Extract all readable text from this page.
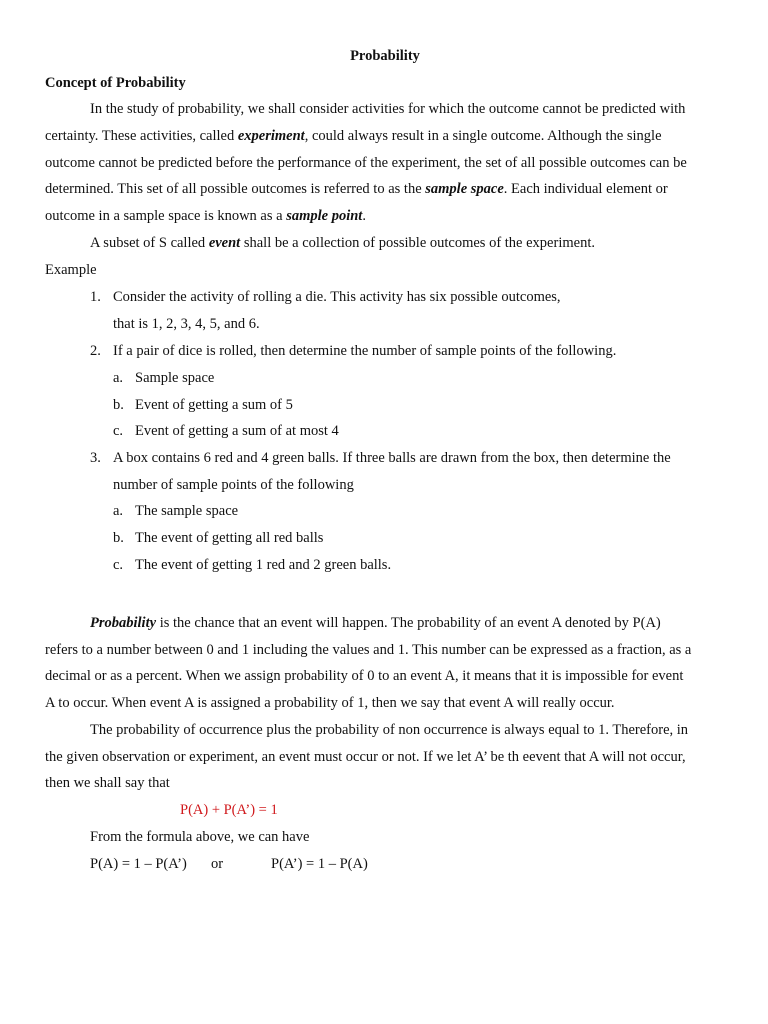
Probability
Concept of Probability
In the study of probability, we shall consider activities for which the outcome cannot be predicted with
certainty. These activities, called experiment, could always result in a single outcome. Although the single
outcome cannot be predicted before the performance of the experiment, the set of all possible outcomes can be
determined. This set of all possible outcomes is referred to as the sample space. Each individual element or
outcome in a sample space is known as a sample point.
A subset of S called event shall be a collection of possible outcomes of the experiment.
Example
1. Consider the activity of rolling a die. This activity has six possible outcomes,
that is 1, 2, 3, 4, 5, and 6.
2. If a pair of dice is rolled, then determine the number of sample points of the following.
a. Sample space
b. Event of getting a sum of 5
c. Event of getting a sum of at most 4
3. A box contains 6 red and 4 green balls. If three balls are drawn from the box, then determine the
number of sample points of the following
a. The sample space
b. The event of getting all red balls
c. The event of getting 1 red and 2 green balls.
Probability is the chance that an event will happen. The probability of an event A denoted by P(A)
refers to a number between 0 and 1 including the values and 1. This number can be expressed as a fraction, as a
decimal or as a percent. When we assign probability of 0 to an event A, it means that it is impossible for event
A to occur. When event A is assigned a probability of 1, then we say that event A will really occur.
The probability of occurrence plus the probability of non occurrence is always equal to 1. Therefore, in
the given observation or experiment, an event must occur or not. If we let A’ be th eevent that A will not occur,
then we shall say that
P(A) + P(A’) = 1
From the formula above, we can have
P(A) = 1 – P(A’) or	P(A’) = 1 – P(A)
